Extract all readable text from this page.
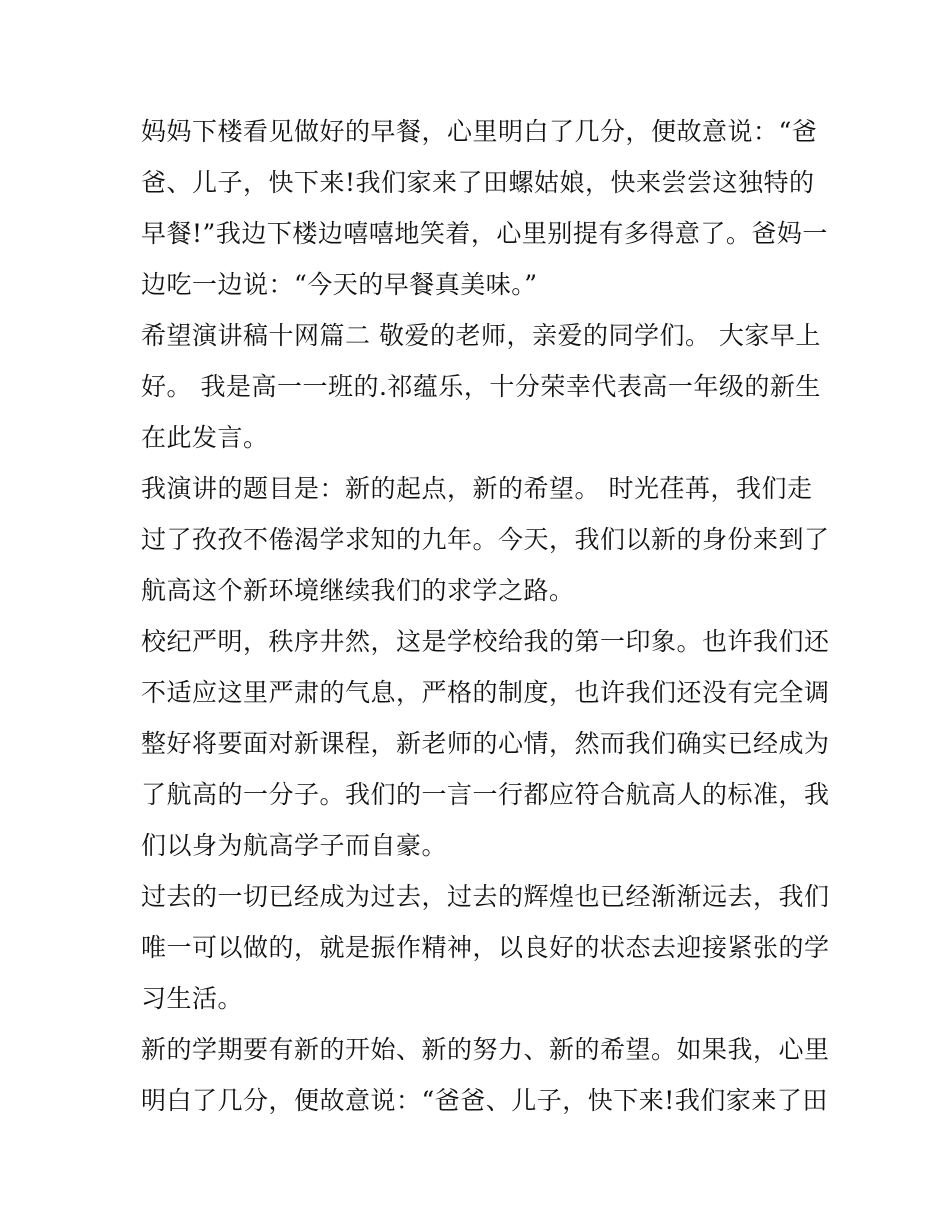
妈妈下楼看见做好的早餐，心里明白了几分，便故意说：“爸
爸、儿子，快下来!我们家来了田螺姑娘，快来尝尝这独特的
早餐!”我边下楼边嘻嘻地笑着，心里别提有多得意了。爸妈一
边吃一边说：“今天的早餐真美味。”
希望演讲稿十网篇二 敬爱的老师，亲爱的同学们。 大家早上
好。 我是高一一班的.祁蕴乐，十分荣幸代表高一年级的新生
在此发言。
我演讲的题目是：新的起点，新的希望。 时光荏苒，我们走
过了孜孜不倦渴学求知的九年。今天，我们以新的身份来到了
航高这个新环境继续我们的求学之路。
校纪严明，秩序井然，这是学校给我的第一印象。也许我们还
不适应这里严肃的气息，严格的制度，也许我们还没有完全调
整好将要面对新课程，新老师的心情，然而我们确实已经成为
了航高的一分子。我们的一言一行都应符合航高人的标准，我
们以身为航高学子而自豪。
过去的一切已经成为过去，过去的辉煌也已经渐渐远去，我们
唯一可以做的，就是振作精神，以良好的状态去迎接紧张的学
习生活。
新的学期要有新的开始、新的努力、新的希望。如果我，心里
明白了几分，便故意说：“爸爸、儿子，快下来!我们家来了田
